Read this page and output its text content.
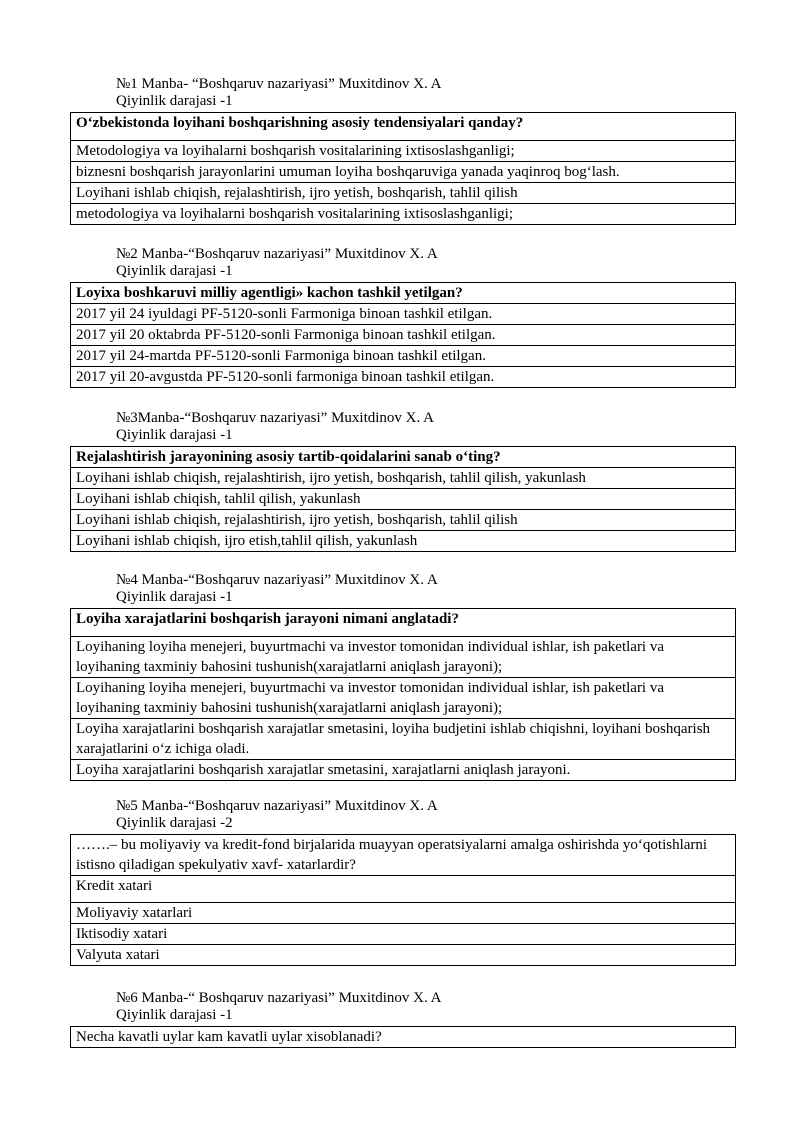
№1 Manba- “Boshqaruv nazariyasi” Muxitdinov X. A
Qiyinlik darajasi -1
O‘zbekistonda loyihani boshqarishning asosiy tendensiyalari qanday?
Metodologiya va loyihalarni boshqarish vositalarining ixtisoslashganligi;
biznesni boshqarish jarayonlarini umuman loyiha boshqaruviga yanada yaqinroq bog‘lash.
Loyihani ishlab chiqish, rejalashtirish, ijro yetish, boshqarish, tahlil qilish
metodologiya va loyihalarni boshqarish vositalarining ixtisoslashganligi;
№2 Manba-“Boshqaruv nazariyasi” Muxitdinov X. A
Qiyinlik darajasi -1
Loyixa boshkaruvi milliy agentligi» kachon tashkil yetilgan?
2017 yil 24 iyuldagi PF-5120-sonli Farmoniga binoan tashkil etilgan.
2017 yil 20 oktabrda PF-5120-sonli Farmoniga binoan tashkil etilgan.
2017 yil 24-martda PF-5120-sonli Farmoniga binoan tashkil etilgan.
2017 yil 20-avgustda PF-5120-sonli farmoniga binoan tashkil etilgan.
№3Manba-“Boshqaruv nazariyasi” Muxitdinov X. A
Qiyinlik darajasi -1
Rejalashtirish jarayonining asosiy tartib-qoidalarini sanab o‘ting?
Loyihani ishlab chiqish, rejalashtirish, ijro yetish, boshqarish, tahlil qilish, yakunlash
Loyihani ishlab chiqish, tahlil qilish, yakunlash
Loyihani ishlab chiqish, rejalashtirish, ijro yetish, boshqarish, tahlil qilish
Loyihani ishlab chiqish, ijro etish,tahlil qilish, yakunlash
№4 Manba-“Boshqaruv nazariyasi” Muxitdinov X. A
Qiyinlik darajasi -1
Loyiha xarajatlarini boshqarish jarayoni nimani anglatadi?
Loyihaning loyiha menejeri, buyurtmachi va investor tomonidan individual ishlar, ish paketlari va loyihaning taxminiy bahosini tushunish(xarajatlarni aniqlash jarayoni);
Loyihaning loyiha menejeri, buyurtmachi va investor tomonidan individual ishlar, ish paketlari va loyihaning taxminiy bahosini tushunish(xarajatlarni aniqlash jarayoni);
Loyiha xarajatlarini boshqarish xarajatlar smetasini, loyiha budjetini ishlab chiqishni, loyihani boshqarish xarajatlarini o‘z ichiga oladi.
Loyiha xarajatlarini boshqarish xarajatlar smetasini, xarajatlarni aniqlash jarayoni.
№5 Manba-“Boshqaruv nazariyasi” Muxitdinov X. A
Qiyinlik darajasi -2
…….– bu moliyaviy va kredit-fond birjalarida muayyan operatsiyalarni amalga oshirishda yo‘qotishlarni istisno qiladigan spekulyativ xavf- xatarlardir?
Kredit xatari
Moliyaviy xatarlari
Iktisodiy xatari
Valyuta xatari
№6 Manba-“ Boshqaruv nazariyasi” Muxitdinov X. A
Qiyinlik darajasi -1
Necha kavatli uylar kam kavatli uylar xisoblanadi?
